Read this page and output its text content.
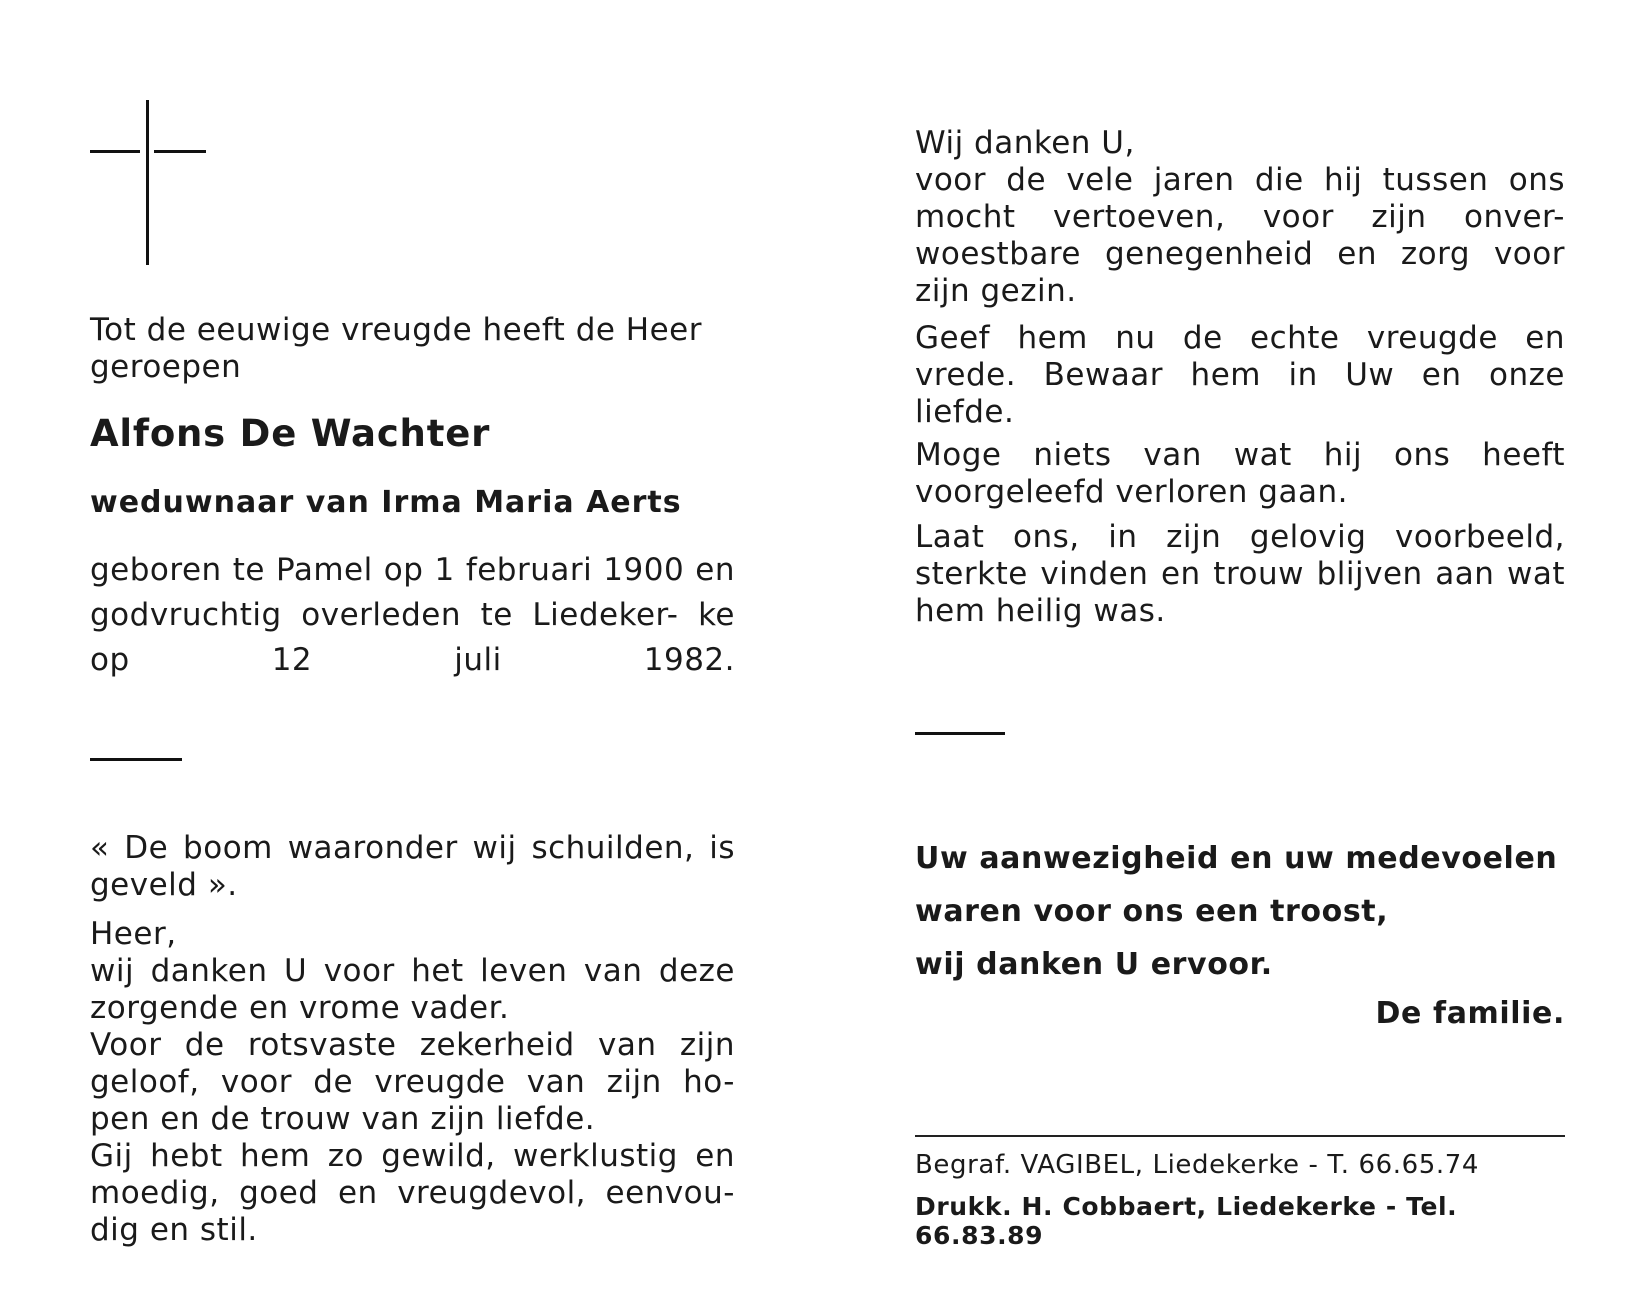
Tot de eeuwige vreugde heeft de Heer geroepen

Alfons De Wachter

weduwnaar van Irma Maria Aerts

geboren te Pamel op 1 februari 1900 en godvruchtig overleden te Liedeker- ke op 12 juli 1982.

« De boom waaronder wij schuilden, is geveld ».

Heer,

wij danken U voor het leven van deze zorgende en vrome vader.

Voor de rotsvaste zekerheid van zijn geloof, voor de vreugde van zijn ho- pen en de trouw van zijn liefde.

Gij hebt hem zo gewild, werklustig en moedig, goed en vreugdevol, eenvou- dig en stil.

Wij danken U,

voor de vele jaren die hij tussen ons mocht vertoeven, voor zijn onver- woestbare genegenheid en zorg voor zijn gezin.

Geef hem nu de echte vreugde en vrede. Bewaar hem in Uw en onze liefde.

Moge niets van wat hij ons heeft voorgeleefd verloren gaan.

Laat ons, in zijn gelovig voorbeeld, sterkte vinden en trouw blijven aan wat hem heilig was.

Uw aanwezigheid en uw medevoelen
waren voor ons een troost,
wij danken U ervoor.

De familie.

Begraf. VAGIBEL, Liedekerke - T. 66.65.74

Drukk. H. Cobbaert, Liedekerke - Tel. 66.83.89
